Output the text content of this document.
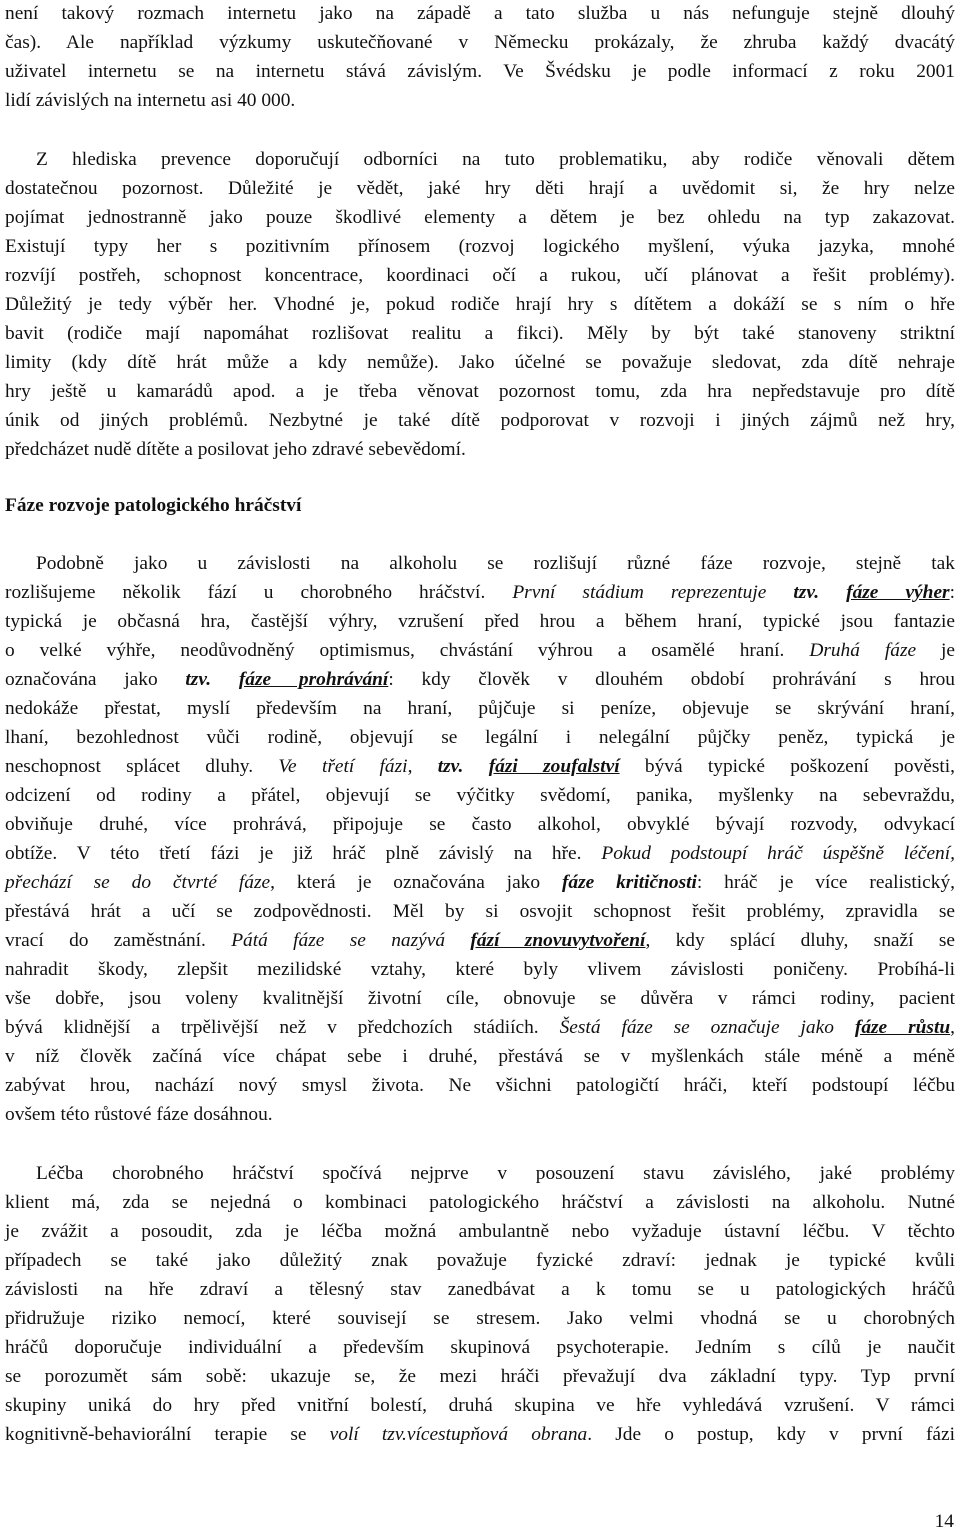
není takový rozmach internetu jako na západě a tato služba u nás nefunguje stejně dlouhý
čas). Ale například výzkumy uskutečňované v Německu prokázaly, že zhruba každý dvacátý
uživatel internetu se na internetu stává závislým. Ve Švédsku je podle informací z roku 2001
lidí závislých na internetu asi 40 000.
Z hlediska prevence doporučují odborníci na tuto problematiku, aby rodiče věnovali dětem
dostatečnou pozornost. Důležité je vědět, jaké hry děti hrají a uvědomit si, že hry nelze
pojímat jednostranně jako pouze škodlivé elementy a dětem je bez ohledu na typ zakazovat.
Existují typy her s pozitivním přínosem (rozvoj logického myšlení, výuka jazyka, mnohé
rozvíjí postřeh, schopnost koncentrace, koordinaci očí a rukou, učí plánovat a řešit problémy).
Důležitý je tedy výběr her. Vhodné je, pokud rodiče hrají hry s dítětem a dokáží se s ním o hře
bavit (rodiče mají napomáhat rozlišovat realitu a fikci). Měly by být také stanoveny striktní
limity (kdy dítě hrát může a kdy nemůže). Jako účelné se považuje sledovat, zda dítě nehraje
hry ještě u kamarádů apod. a je třeba věnovat pozornost tomu, zda hra nepředstavuje pro dítě
únik od jiných problémů. Nezbytné je také dítě podporovat v rozvoji i jiných zájmů než hry,
předcházet nudě dítěte a posilovat jeho zdravé sebevědomí.
Fáze rozvoje patologického hráčství
Podobně jako u závislosti na alkoholu se rozlišují různé fáze rozvoje, stejně tak
rozlišujeme několik fází u chorobného hráčství. První stádium reprezentuje tzv. fáze výher:
typická je občasná hra, častější výhry, vzrušení před hrou a během hraní, typické jsou fantazie
o velké výhře, neodůvodněný optimismus, chvástání výhrou a osamělé hraní. Druhá fáze je
označována jako tzv. fáze prohrávání: kdy člověk v dlouhém období prohrávání s hrou
nedokáže přestat, myslí především na hraní, půjčuje si peníze, objevuje se skrývání hraní,
lhaní, bezohlednost vůči rodině, objevují se legální i nelegální půjčky peněz, typická je
neschopnost splácet dluhy. Ve třetí fázi, tzv. fázi zoufalství bývá typické poškození pověsti,
odcizení od rodiny a přátel, objevují se výčitky svědomí, panika, myšlenky na sebevraždu,
obviňuje druhé, více prohrává, připojuje se často alkohol, obvyklé bývají rozvody, odvykací
obtíže. V této třetí fázi je již hráč plně závislý na hře. Pokud podstoupí hráč úspěšně léčení,
přechází se do čtvrté fáze, která je označována jako fáze kritičnosti: hráč je více realistický,
přestává hrát a učí se zodpovědnosti. Měl by si osvojit schopnost řešit problémy, zpravidla se
vrací do zaměstnání. Pátá fáze se nazývá fází znovuvytvoření, kdy splácí dluhy, snaží se
nahradit škody, zlepšit mezilidské vztahy, které byly vlivem závislosti poničeny. Probíhá-li
vše dobře, jsou voleny kvalitnější životní cíle, obnovuje se důvěra v rámci rodiny, pacient
bývá klidnější a trpělivější než v předchozích stádiích. Šestá fáze se označuje jako fáze růstu,
v níž člověk začíná více chápat sebe i druhé, přestává se v myšlenkách stále méně a méně
zabývat hrou, nachází nový smysl života. Ne všichni patologičtí hráči, kteří podstoupí léčbu
ovšem této růstové fáze dosáhnou.
Léčba chorobného hráčství spočívá nejprve v posouzení stavu závislého, jaké problémy
klient má, zda se nejedná o kombinaci patologického hráčství a závislosti na alkoholu. Nutné
je zvážit a posoudit, zda je léčba možná ambulantně nebo vyžaduje ústavní léčbu. V těchto
případech se také jako důležitý znak považuje fyzické zdraví: jednak je typické kvůli
závislosti na hře zdraví a tělesný stav zanedbávat a k tomu se u patologických hráčů
přidružuje riziko nemocí, které souvisejí se stresem. Jako velmi vhodná se u chorobných
hráčů doporučuje individuální a především skupinová psychoterapie. Jedním s cílů je naučit
se porozumět sám sobě: ukazuje se, že mezi hráči převažují dva základní typy. Typ první
skupiny uniká do hry před vnitřní bolestí, druhá skupina ve hře vyhledává vzrušení. V rámci
kognitivně-behaviorální terapie se volí tzv.vícestupňová obrana. Jde o postup, kdy v první fázi
14
